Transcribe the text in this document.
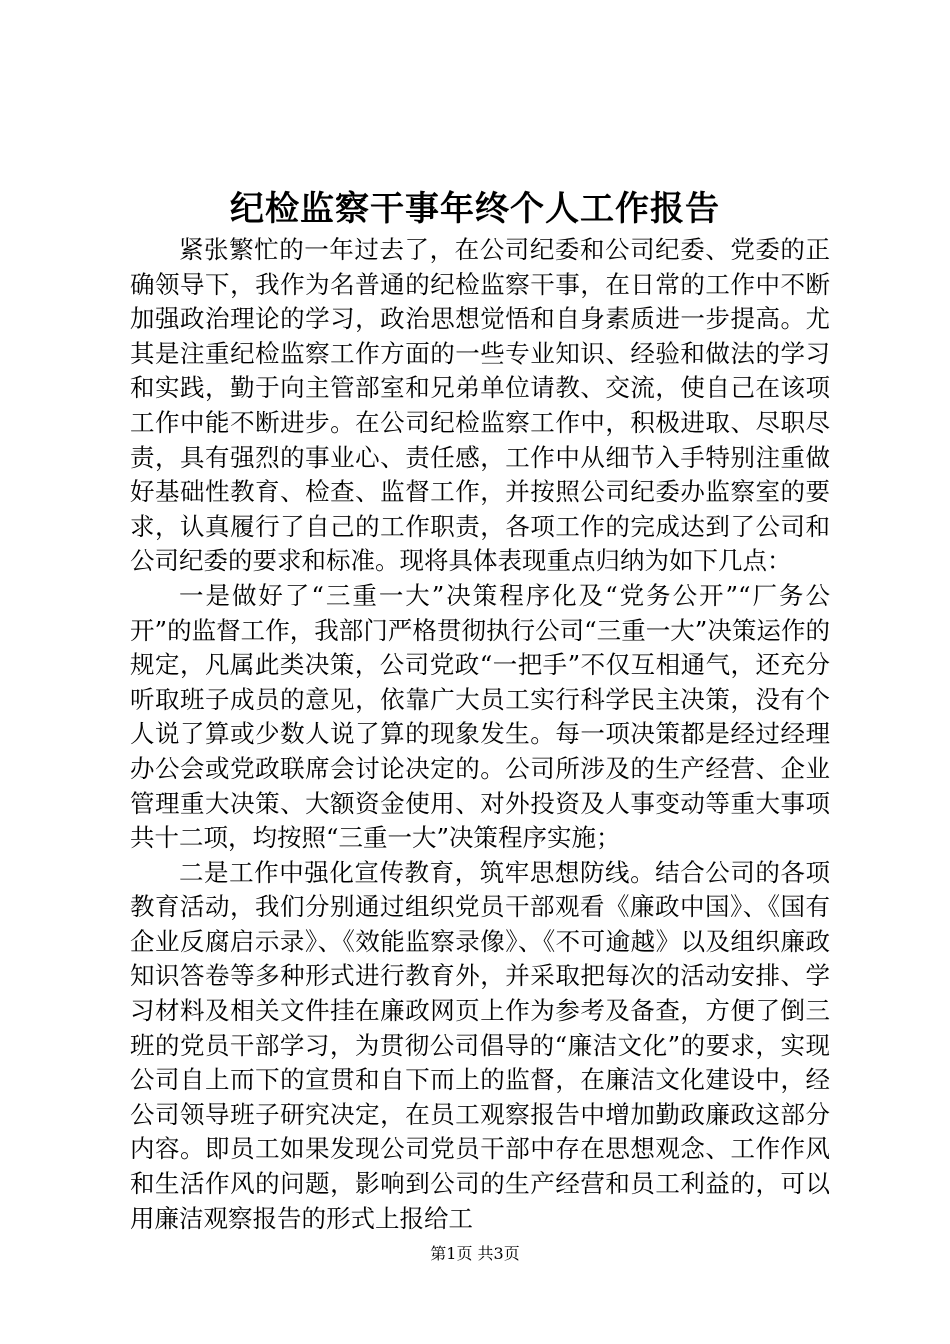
纪检监察干事年终个人工作报告

紧张繁忙的一年过去了，在公司纪委和公司纪委、党委的正确领导下，我作为名普通的纪检监察干事，在日常的工作中不断加强政治理论的学习，政治思想觉悟和自身素质进一步提高。尤其是注重纪检监察工作方面的一些专业知识、经验和做法的学习和实践，勤于向主管部室和兄弟单位请教、交流，使自己在该项工作中能不断进步。在公司纪检监察工作中，积极进取、尽职尽责，具有强烈的事业心、责任感，工作中从细节入手特别注重做好基础性教育、检查、监督工作，并按照公司纪委办监察室的要求，认真履行了自己的工作职责，各项工作的完成达到了公司和公司纪委的要求和标准。现将具体表现重点归纳为如下几点：

一是做好了“三重一大”决策程序化及“党务公开”“厂务公开”的监督工作，我部门严格贯彻执行公司“三重一大”决策运作的规定，凡属此类决策，公司党政“一把手”不仅互相通气，还充分听取班子成员的意见，依靠广大员工实行科学民主决策，没有个人说了算或少数人说了算的现象发生。每一项决策都是经过经理办公会或党政联席会讨论决定的。公司所涉及的生产经营、企业管理重大决策、大额资金使用、对外投资及人事变动等重大事项共十二项，均按照“三重一大”决策程序实施；

二是工作中强化宣传教育，筑牢思想防线。结合公司的各项教育活动，我们分别通过组织党员干部观看《廉政中国》、《国有企业反腐启示录》、《效能监察录像》、《不可逾越》以及组织廉政知识答卷等多种形式进行教育外，并采取把每次的活动安排、学习材料及相关文件挂在廉政网页上作为参考及备查，方便了倒三班的党员干部学习，为贯彻公司倡导的“廉洁文化”的要求，实现公司自上而下的宣贯和自下而上的监督，在廉洁文化建设中，经公司领导班子研究决定，在员工观察报告中增加勤政廉政这部分内容。即员工如果发现公司党员干部中存在思想观念、工作作风和生活作风的问题，影响到公司的生产经营和员工利益的，可以用廉洁观察报告的形式上报给工

第1页 共3页
